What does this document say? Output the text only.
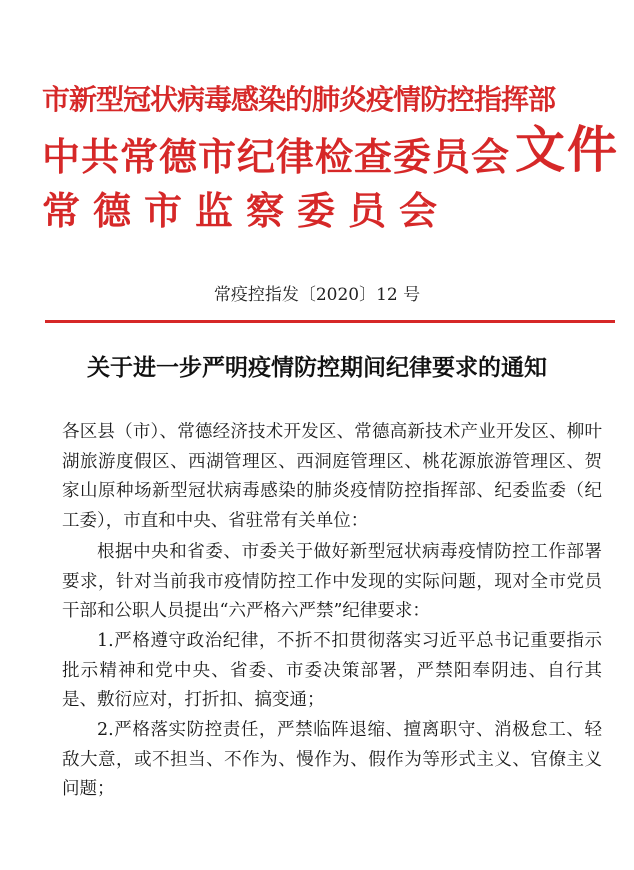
市新型冠状病毒感染的肺炎疫情防控指挥部
中共常德市纪律检查委员会
常德市监察委员会
文件
常疫控指发〔2020〕12 号
关于进一步严明疫情防控期间纪律要求的通知

各区县（市）、常德经济技术开发区、常德高新技术产业开发区、柳叶湖旅游度假区、西湖管理区、西洞庭管理区、桃花源旅游管理区、贺家山原种场新型冠状病毒感染的肺炎疫情防控指挥部、纪委监委（纪工委），市直和中央、省驻常有关单位：

根据中央和省委、市委关于做好新型冠状病毒疫情防控工作部署要求，针对当前我市疫情防控工作中发现的实际问题，现对全市党员干部和公职人员提出“六严格六严禁”纪律要求：

1.严格遵守政治纪律，不折不扣贯彻落实习近平总书记重要指示批示精神和党中央、省委、市委决策部署，严禁阳奉阴违、自行其是、敷衍应对，打折扣、搞变通；

2.严格落实防控责任，严禁临阵退缩、擅离职守、消极怠工、轻敌大意，或不担当、不作为、慢作为、假作为等形式主义、官僚主义问题；
